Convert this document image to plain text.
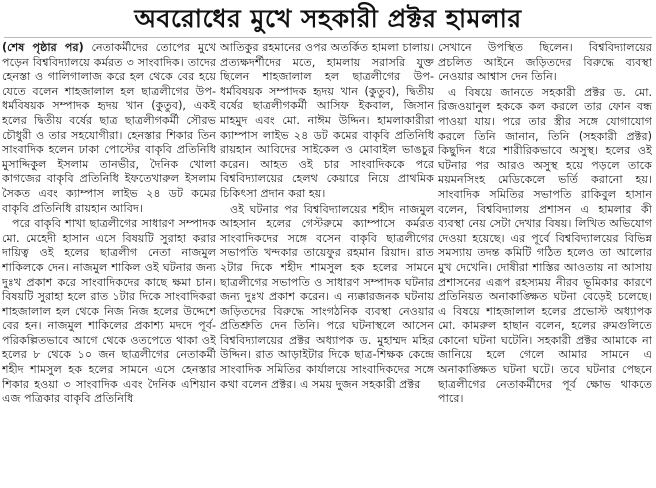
অবরোধের মুখে সহকারী প্রক্টর হামলার

(শেষ পৃষ্ঠার পর) নেতাকর্মীদের তোপের মুখে পড়েন বিশ্ববিদ্যালয়ে কর্মরত ৩ সাংবাদিক। তাদের হেনস্তা ও গালিগালাজ করে হল থেকে বের হয়ে যেতে বলেন শাহজালাল হল ছাত্রলীগের উপ-ধর্মবিষয়ক সম্পাদক হৃদয় খান (কুতুব), একই হলের দ্বিতীয় বর্ষের ছাত্র ছাত্রলীগকর্মী সৌরভ চৌধুরী ও তার সহযোগীরা। হেনস্তার শিকার তিন সাংবাদিক হলেন ঢাকা পোস্টের বাকৃবি প্রতিনিধি মুসাদ্দিকুল ইসলাম তানভীর, দৈনিক খোলা কাগজের বাকৃবি প্রতিনিধি ইফতেখারুল ইসলাম সৈকত এবং ক্যাম্পাস লাইভ ২৪ ডট কমের বাকৃবি প্রতিনিধি রায়হান আবিদ।

পরে বাকৃবি শাখা ছাত্রলীগের সাধারণ সম্পাদক মো. মেহেদী হাসান এসে বিষয়টি সুরাহা করার দায়িত্ব ওই হলের ছাত্রলীগ নেতা নাজমুল শাকিলকে দেন। নাজমুল শাকিল ওই ঘটনার জন্য দুঃখ প্রকাশ করে সাংবাদিকদের কাছে ক্ষমা চান। বিষয়টি সুরাহা হলে রাত ১টার দিকে সাংবাদিকরা শাহজালাল হল থেকে নিজ নিজ হলের উদ্দেশে বের হন। নাজমুল শাকিলের প্রকাশ্য মদদে পূর্ব-পরিকল্পিতভাবে আগে থেকে ওতপেতে থাকা ওই হলের ৮ থেকে ১০ জন ছাত্রলীগের নেতাকর্মী শহীদ শামসুল হক হলের সামনে এসে হেনস্তার শিকার হওয়া ৩ সাংবাদিক এবং দৈনিক এশিয়ান এজ পত্রিকার বাকৃবি প্রতিনিধি

আতিকুর রহমানের ওপর অতর্কিত হামলা চালায়। প্রত্যক্ষদর্শীদের মতে, হামলায় সরাসরি যুক্ত ছিলেন শাহজালাল হল ছাত্রলীগের উপ-ধর্মবিষয়ক সম্পাদক হৃদয় খান (কুতুব), দ্বিতীয় বর্ষের ছাত্রলীগকর্মী আসিফ ইকবাল, জিসান মাহমুদ এবং মো. নাঈম উদ্দিন। হামলাকারীরা ক্যাম্পাস লাইভ ২৪ ডট কমের বাকৃবি প্রতিনিধি রায়হান আবিদের সাইকেল ও মোবাইল ভাঙচুর করেন। আহত ওই চার সাংবাদিককে পরে বিশ্ববিদ্যালয়ের হেলথ কেয়ারে নিয়ে প্রাথমিক চিকিৎসা প্রদান করা হয়।

ওই ঘটনার পর বিশ্ববিদ্যালয়ের শহীদ নাজমুল আহসান হলের গেস্টরুমে ক্যাম্পাসে কর্মরত সাংবাদিকদের সঙ্গে বসেন বাকৃবি ছাত্রলীগের সভাপতি খন্দকার তায়েফুর রহমান রিয়াদ। রাত ২টার দিকে শহীদ শামসুল হক হলের সামনে ছাত্রলীগের সভাপতি ও সাধারণ সম্পাদক ঘটনার জন্য দুঃখ প্রকাশ করেন। এ ন্যক্কারজনক ঘটনায় জড়িতদের বিরুদ্ধে সাংগঠনিক ব্যবস্থা নেওয়ার প্রতিশ্রুতি দেন তিনি। পরে ঘটনাস্থলে আসেন বিশ্ববিদ্যালয়ের প্রক্টর অধ্যাপক ড. মুহাম্মদ মহির উদ্দিন। রাত আড়াইটার দিকে ছাত্র-শিক্ষক কেন্দ্রে সাংবাদিক সমিতির কার্যালয়ে সাংবাদিকদের সঙ্গে কথা বলেন প্রক্টর। এ সময় দুজন সহকারী প্রক্টর

সেখানে উপস্থিত ছিলেন। বিশ্ববিদ্যালয়ের প্রচলিত আইনে জড়িতদের বিরুদ্ধে ব্যবস্থা নেওয়ার আশ্বাস দেন তিনি।

এ বিষয়ে জানতে সহকারী প্রক্টর ড. মো. রিজওয়ানুল হককে কল করলে তার ফোন বন্ধ পাওয়া যায়। পরে তার স্ত্রীর সঙ্গে যোগাযোগ করলে তিনি জানান, তিনি (সহকারী প্রক্টর) কিছুদিন ধরে শারীরিকভাবে অসুস্থ। হলের ওই ঘটনার পর আরও অসুস্থ হয়ে পড়লে তাকে ময়মনসিংহ মেডিকেলে ভর্তি করানো হয়। সাংবাদিক সমিতির সভাপতি রাকিবুল হাসান বলেন, বিশ্ববিদ্যালয় প্রশাসন এ হামলার কী ব্যবস্থা নেয় সেটা দেখার বিষয়। লিখিত অভিযোগ দেওয়া হয়েছে। এর পূর্বে বিশ্ববিদ্যালয়ের বিভিন্ন সমস্যায় তদন্ত কমিটি গঠিত হলেও তা আলোর মুখ দেখেনি। দোষীরা শাস্তির আওতায় না আসায় প্রশাসনের এরূপ রহস্যময় নীরব ভূমিকার কারণে প্রতিনিয়ত অনাকাঙ্ক্ষিত ঘটনা বেড়েই চলেছে। এ বিষয়ে শাহজালাল হলের প্রভোস্ট অধ্যাপক মো. কামরুল হাছান বলেন, হলের রুমগুলিতে কোনো ঘটনা ঘটেনি। সহকারী প্রক্টর আমাকে না জানিয়ে হলে গেলে আমার সামনে এ অনাকাঙ্ক্ষিত ঘটনা ঘটে। তবে ঘটনার পেছনে ছাত্রলীগের নেতাকর্মীদের পূর্ব ক্ষোভ থাকতে পারে।
